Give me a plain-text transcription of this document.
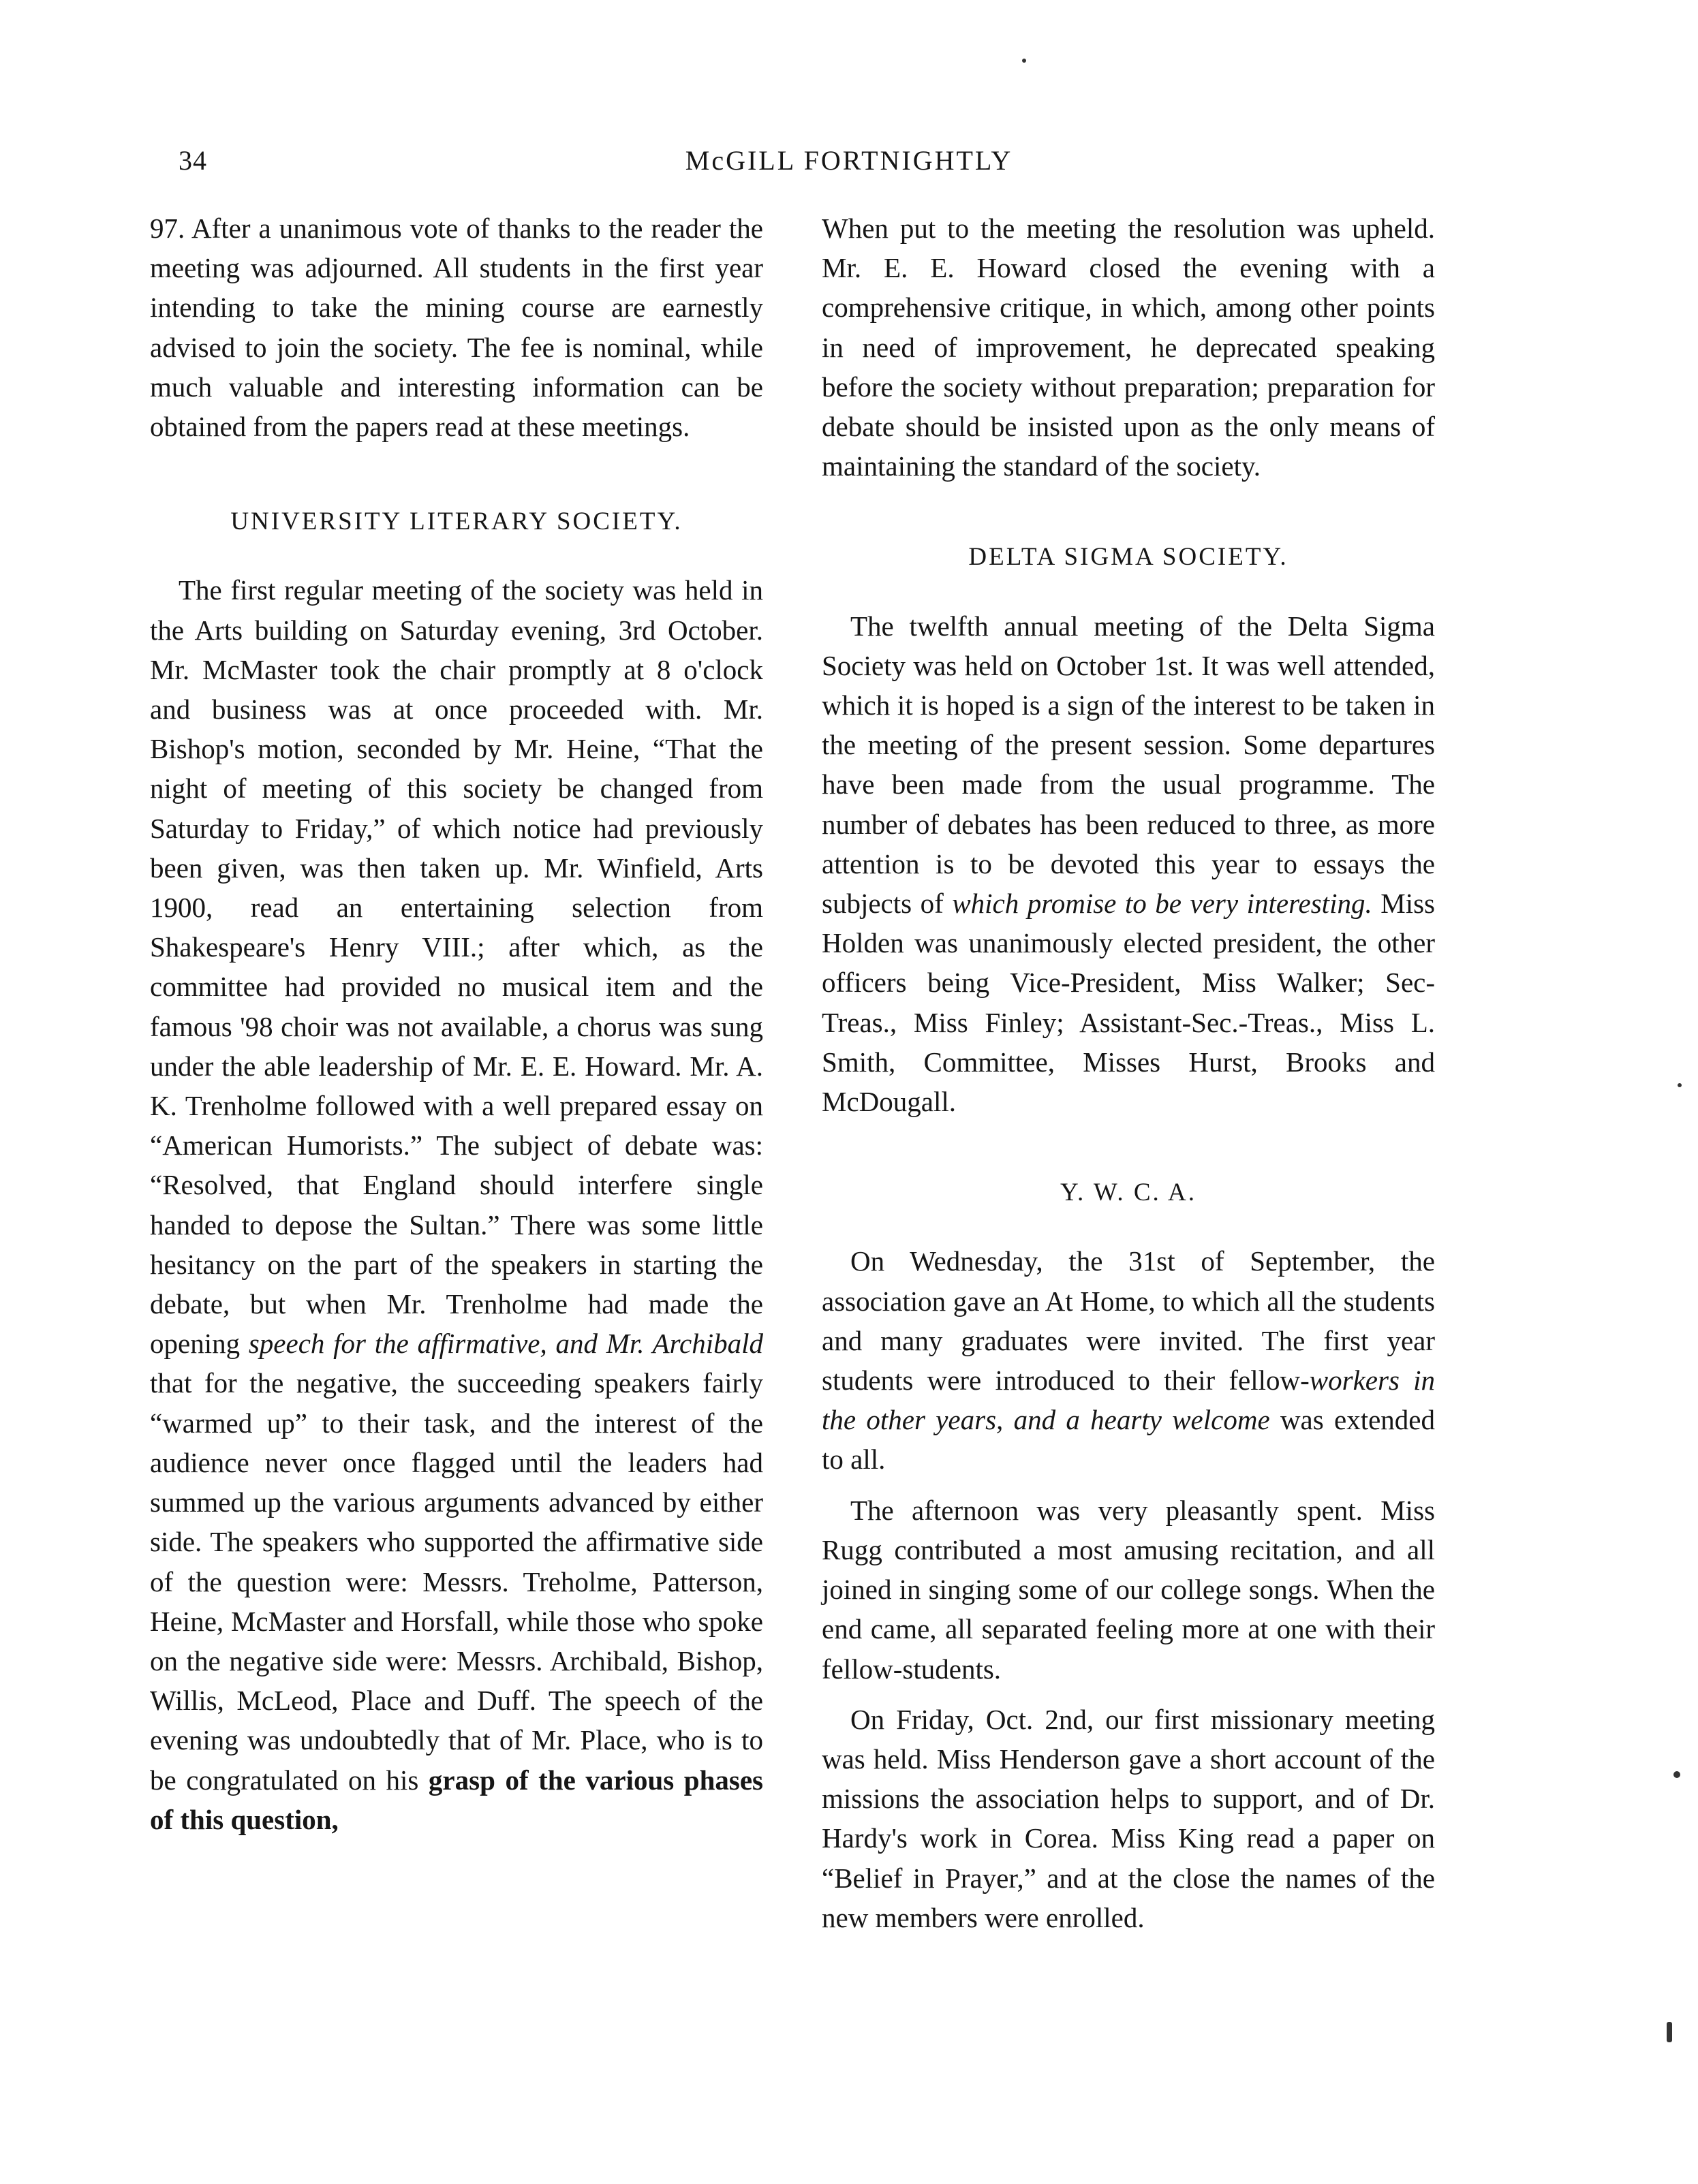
34	McGILL FORTNIGHTLY

97. After a unanimous vote of thanks to the reader the meeting was adjourned. All students in the first year intending to take the mining course are earnestly advised to join the society. The fee is nominal, while much valuable and interesting information can be obtained from the papers read at these meetings.

UNIVERSITY LITERARY SOCIETY.

The first regular meeting of the society was held in the Arts building on Saturday evening, 3rd October. Mr. McMaster took the chair promptly at 8 o'clock and business was at once proceeded with. Mr. Bishop's motion, seconded by Mr. Heine, “That the night of meeting of this society be changed from Saturday to Friday,” of which notice had previously been given, was then taken up. Mr. Winfield, Arts 1900, read an entertaining selection from Shakespeare's Henry VIII.; after which, as the committee had provided no musical item and the famous '98 choir was not available, a chorus was sung under the able leadership of Mr. E. E. Howard. Mr. A. K. Trenholme followed with a well prepared essay on “American Humorists.” The subject of debate was: “Resolved, that England should interfere single handed to depose the Sultan.” There was some little hesitancy on the part of the speakers in starting the debate, but when Mr. Trenholme had made the opening speech for the affirmative, and Mr. Archibald that for the negative, the succeeding speakers fairly “warmed up” to their task, and the interest of the audience never once flagged until the leaders had summed up the various arguments advanced by either side. The speakers who supported the affirmative side of the question were: Messrs. Treholme, Patterson, Heine, McMaster and Horsfall, while those who spoke on the negative side were: Messrs. Archibald, Bishop, Willis, McLeod, Place and Duff. The speech of the evening was undoubtedly that of Mr. Place, who is to be congratulated on his grasp of the various phases of this question,

When put to the meeting the resolution was upheld. Mr. E. E. Howard closed the evening with a comprehensive critique, in which, among other points in need of improvement, he deprecated speaking before the society without preparation; preparation for debate should be insisted upon as the only means of maintaining the standard of the society.

DELTA SIGMA SOCIETY.

The twelfth annual meeting of the Delta Sigma Society was held on October 1st. It was well attended, which it is hoped is a sign of the interest to be taken in the meeting of the present session. Some departures have been made from the usual programme. The number of debates has been reduced to three, as more attention is to be devoted this year to essays the subjects of which promise to be very interesting. Miss Holden was unanimously elected president, the other officers being Vice-President, Miss Walker; Sec-Treas., Miss Finley; Assistant-Sec.-Treas., Miss L. Smith, Committee, Misses Hurst, Brooks and McDougall.

Y. W. C. A.

On Wednesday, the 31st of September, the association gave an At Home, to which all the students and many graduates were invited. The first year students were introduced to their fellow-workers in the other years, and a hearty welcome was extended to all.

The afternoon was very pleasantly spent. Miss Rugg contributed a most amusing recitation, and all joined in singing some of our college songs. When the end came, all separated feeling more at one with their fellow-students.

On Friday, Oct. 2nd, our first missionary meeting was held. Miss Henderson gave a short account of the missions the association helps to support, and of Dr. Hardy's work in Corea. Miss King read a paper on “Belief in Prayer,” and at the close the names of the new members were enrolled.
